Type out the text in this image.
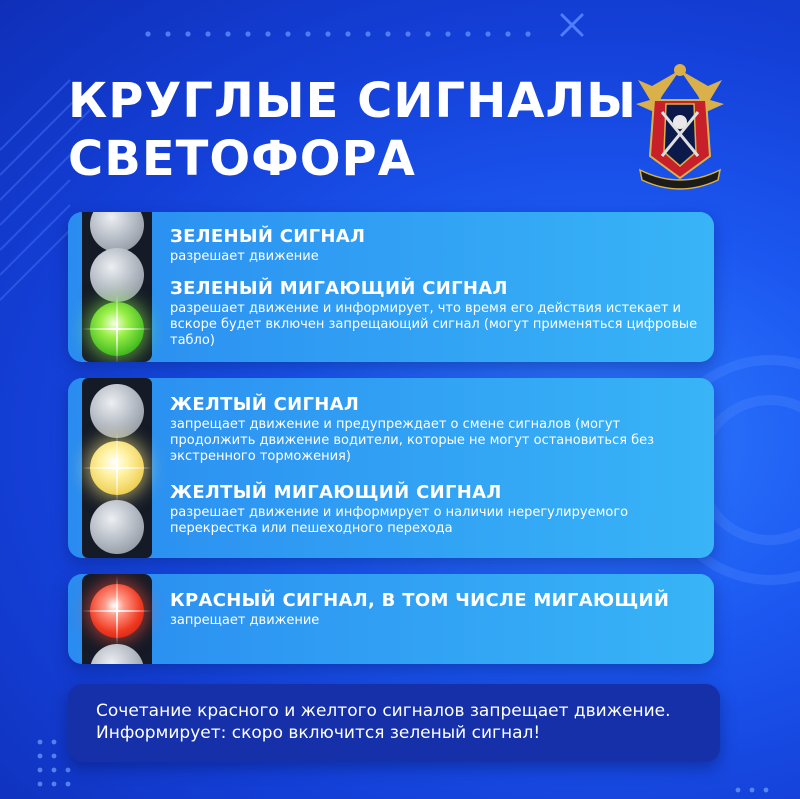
КРУГЛЫЕ СИГНАЛЫ
СВЕТОФОРА

ЗЕЛЕНЫЙ СИГНАЛ

разрешает движение

ЗЕЛЕНЫЙ МИГАЮЩИЙ СИГНАЛ

разрешает движение и информирует, что время его действия истекает и вскоре будет включен запрещающий сигнал (могут применяться цифровые табло)

ЖЕЛТЫЙ СИГНАЛ

запрещает движение и предупреждает о смене сигналов (могут продолжить движение водители, которые не могут остановиться без экстренного торможения)

ЖЕЛТЫЙ МИГАЮЩИЙ СИГНАЛ

разрешает движение и информирует о наличии нерегулируемого перекрестка или пешеходного перехода

КРАСНЫЙ СИГНАЛ, В ТОМ ЧИСЛЕ МИГАЮЩИЙ

запрещает движение

Сочетание красного и желтого сигналов запрещает движение. Информирует: скоро включится зеленый сигнал!
